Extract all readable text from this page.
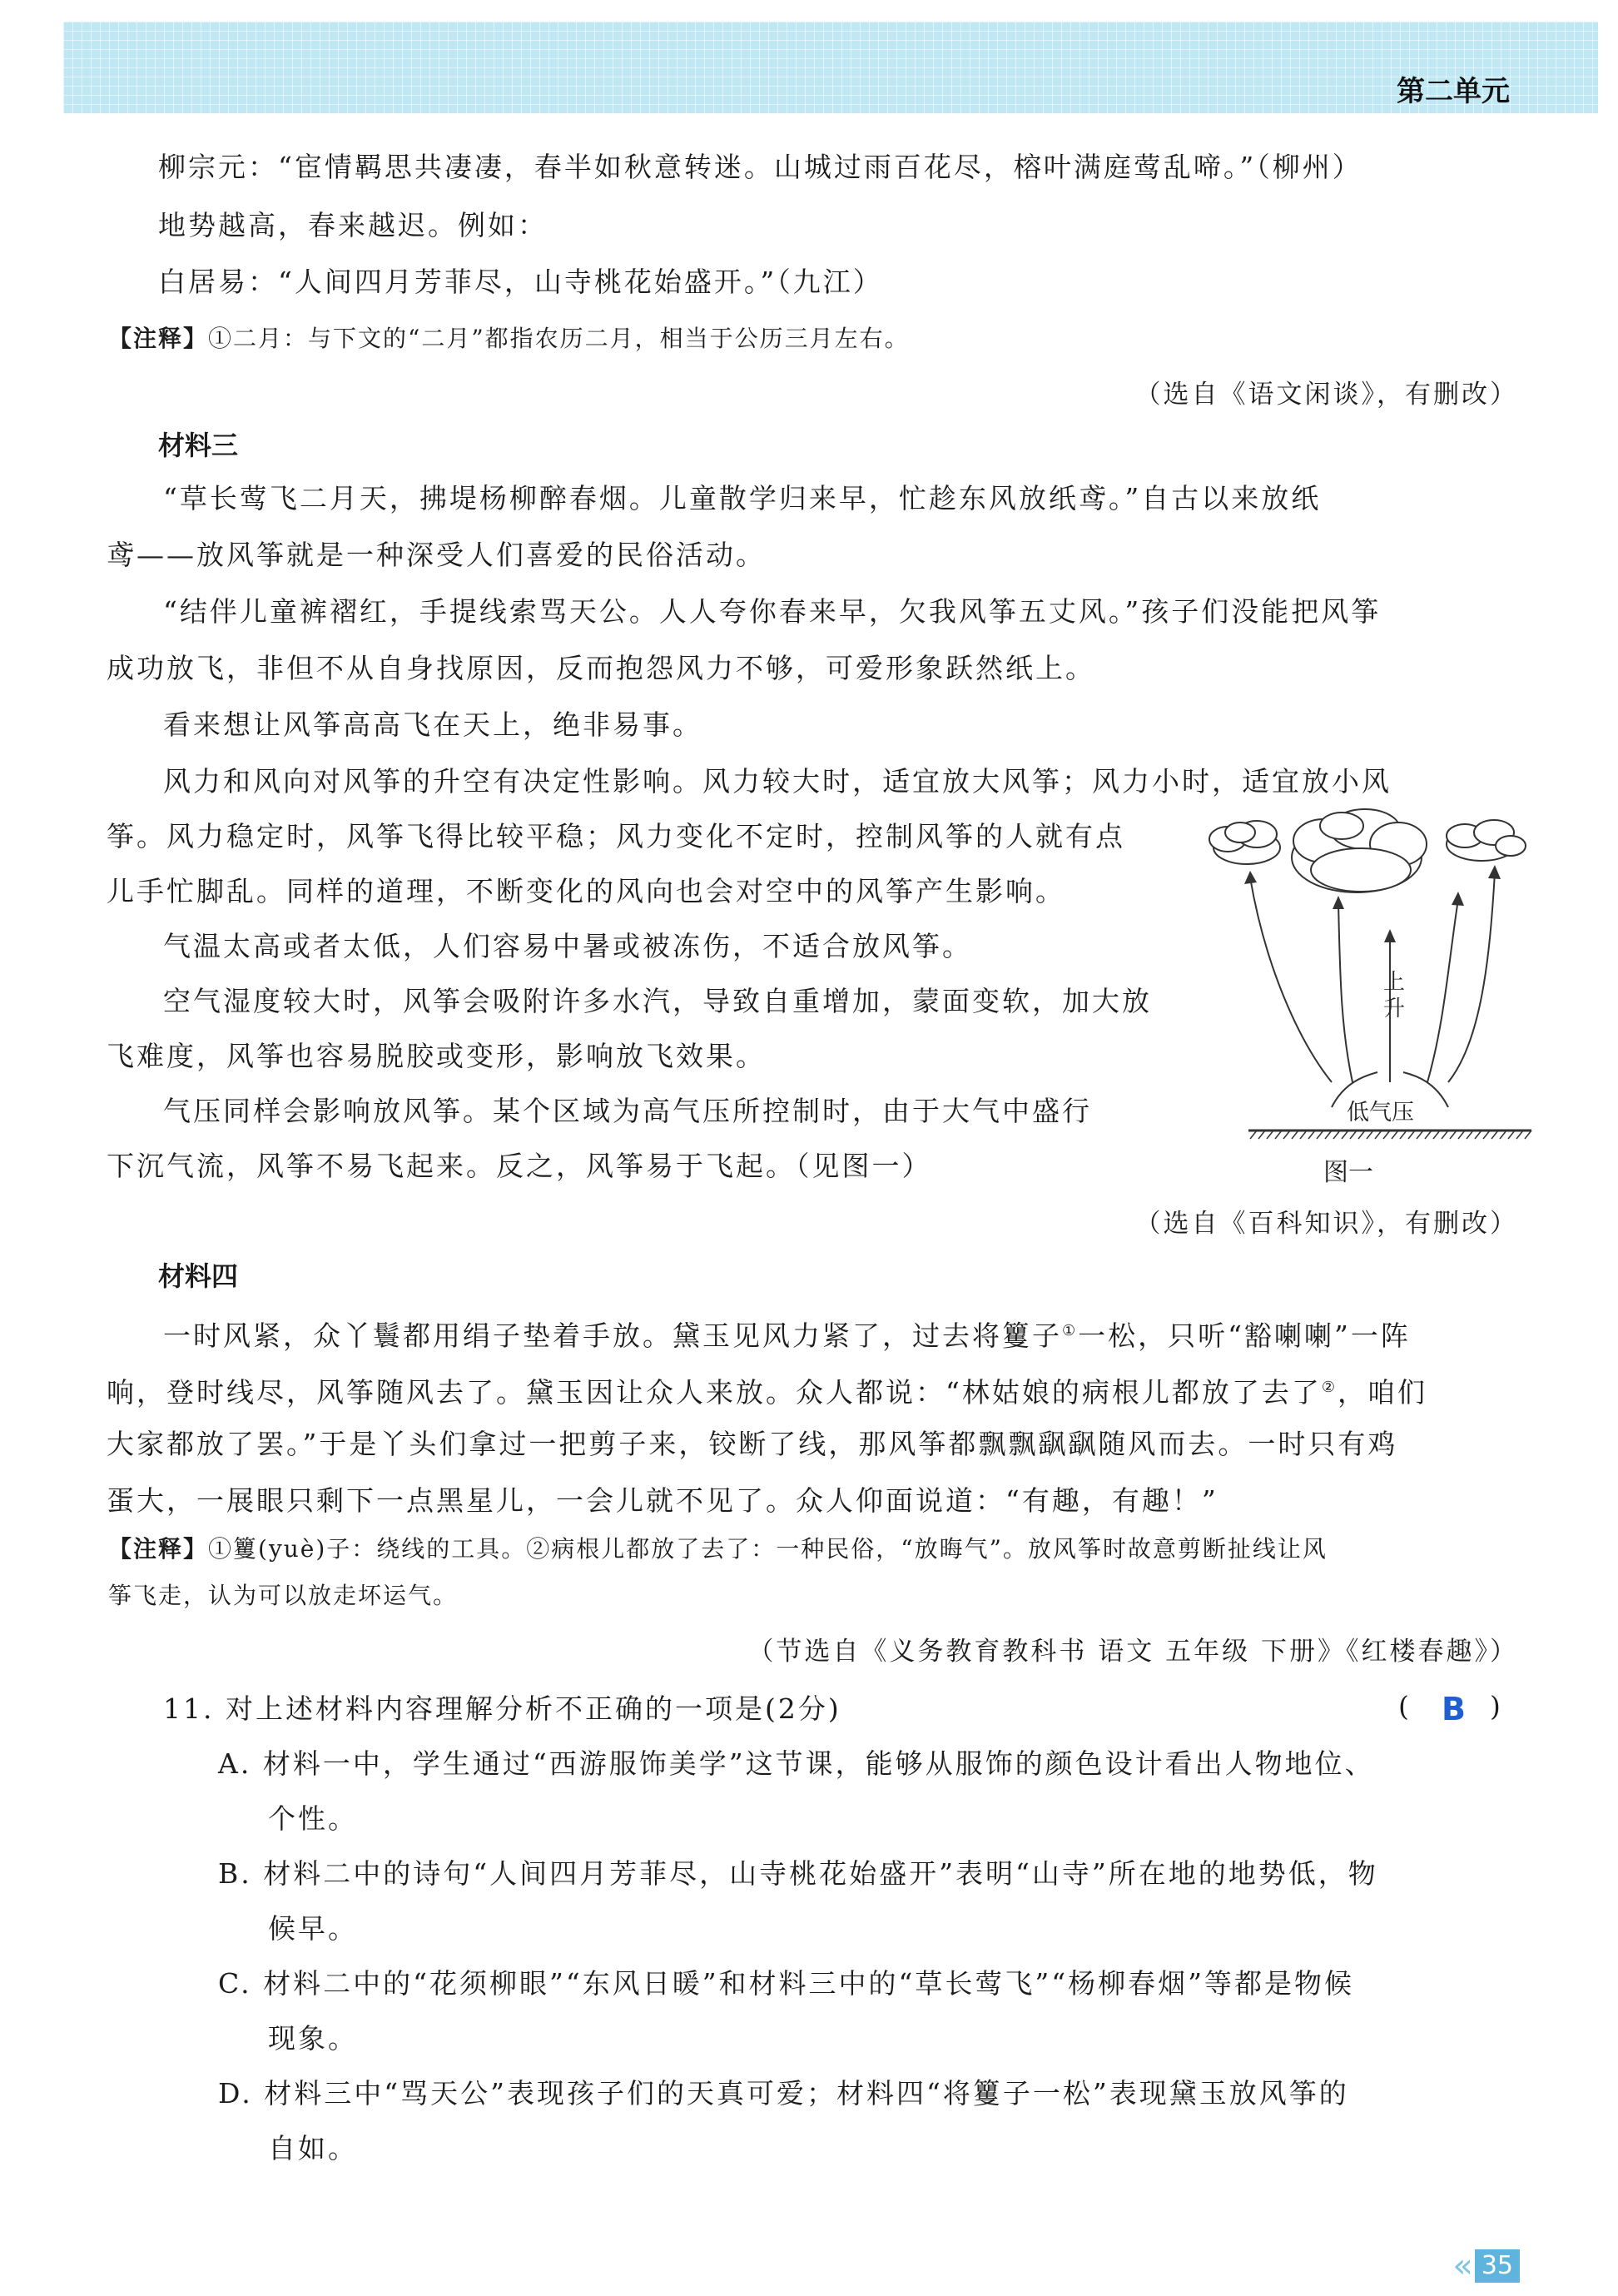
第二单元
柳宗元：“宦情羁思共凄凄，春半如秋意转迷。山城过雨百花尽，榕叶满庭莺乱啼。”（柳州）
地势越高，春来越迟。例如：
白居易：“人间四月芳菲尽，山寺桃花始盛开。”（九江）
【注释】①二月：与下文的“二月”都指农历二月，相当于公历三月左右。
（选自《语文闲谈》，有删改）
材料三
“草长莺飞二月天，拂堤杨柳醉春烟。儿童散学归来早，忙趁东风放纸鸢。”自古以来放纸
鸢——放风筝就是一种深受人们喜爱的民俗活动。
“结伴儿童裤褶红，手提线索骂天公。人人夸你春来早，欠我风筝五丈风。”孩子们没能把风筝
成功放飞，非但不从自身找原因，反而抱怨风力不够，可爱形象跃然纸上。
看来想让风筝高高飞在天上，绝非易事。
风力和风向对风筝的升空有决定性影响。风力较大时，适宜放大风筝；风力小时，适宜放小风
筝。风力稳定时，风筝飞得比较平稳；风力变化不定时，控制风筝的人就有点
儿手忙脚乱。同样的道理，不断变化的风向也会对空中的风筝产生影响。
气温太高或者太低，人们容易中暑或被冻伤，不适合放风筝。
空气湿度较大时，风筝会吸附许多水汽，导致自重增加，蒙面变软，加大放
飞难度，风筝也容易脱胶或变形，影响放飞效果。
气压同样会影响放风筝。某个区域为高气压所控制时，由于大气中盛行
下沉气流，风筝不易飞起来。反之，风筝易于飞起。（见图一）
上
升
低气压
上升
图一
（选自《百科知识》，有删改）
材料四
一时风紧，众丫鬟都用绢子垫着手放。黛玉见风力紧了，过去将籰子①一松，只听“豁喇喇”一阵
响，登时线尽，风筝随风去了。黛玉因让众人来放。众人都说：“林姑娘的病根儿都放了去了②，咱们
大家都放了罢。”于是丫头们拿过一把剪子来，铰断了线，那风筝都飘飘飖飖随风而去。一时只有鸡
蛋大，一展眼只剩下一点黑星儿，一会儿就不见了。众人仰面说道：“有趣，有趣！”
【注释】①籰(yuè)子：绕线的工具。②病根儿都放了去了：一种民俗，“放晦气”。放风筝时故意剪断扯线让风
筝飞走，认为可以放走坏运气。
（节选自《义务教育教科书 语文 五年级 下册》《红楼春趣》）
11. 对上述材料内容理解分析不正确的一项是(2分)	( B )
A. 材料一中，学生通过“西游服饰美学”这节课，能够从服饰的颜色设计看出人物地位、
个性。
B. 材料二中的诗句“人间四月芳菲尽，山寺桃花始盛开”表明“山寺”所在地的地势低，物
候早。
C. 材料二中的“花须柳眼”“东风日暖”和材料三中的“草长莺飞”“杨柳春烟”等都是物候
现象。
D. 材料三中“骂天公”表现孩子们的天真可爱；材料四“将籰子一松”表现黛玉放风筝的
自如。
« 35
